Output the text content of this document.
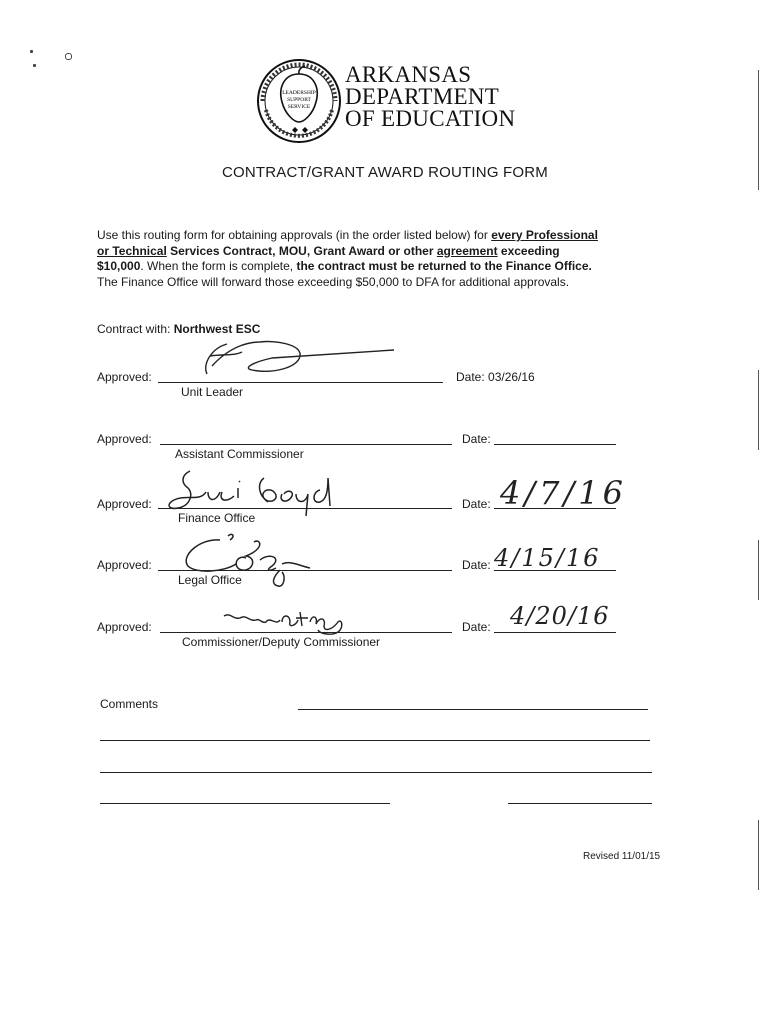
LEADERSHIP
SUPPORT
SERVICE
ARKANSAS
DEPARTMENT
OF EDUCATION
CONTRACT/GRANT AWARD ROUTING FORM
Use this routing form for obtaining approvals (in the order listed below) for every Professional
or Technical Services Contract, MOU, Grant Award or other agreement exceeding
$10,000. When the form is complete, the contract must be returned to the Finance Office.
The Finance Office will forward those exceeding $50,000 to DFA for additional approvals.
Contract with: Northwest ESC
Approved:
Unit Leader
Date: 03/26/16
Approved:
Assistant Commissioner
Date:
Approved:
Finance Office
Date: 4/7/16
Approved:
Legal Office
Date: 4/15/16
Approved:
Commissioner/Deputy Commissioner
Date: 4/20/16
Comments
Revised 11/01/15
